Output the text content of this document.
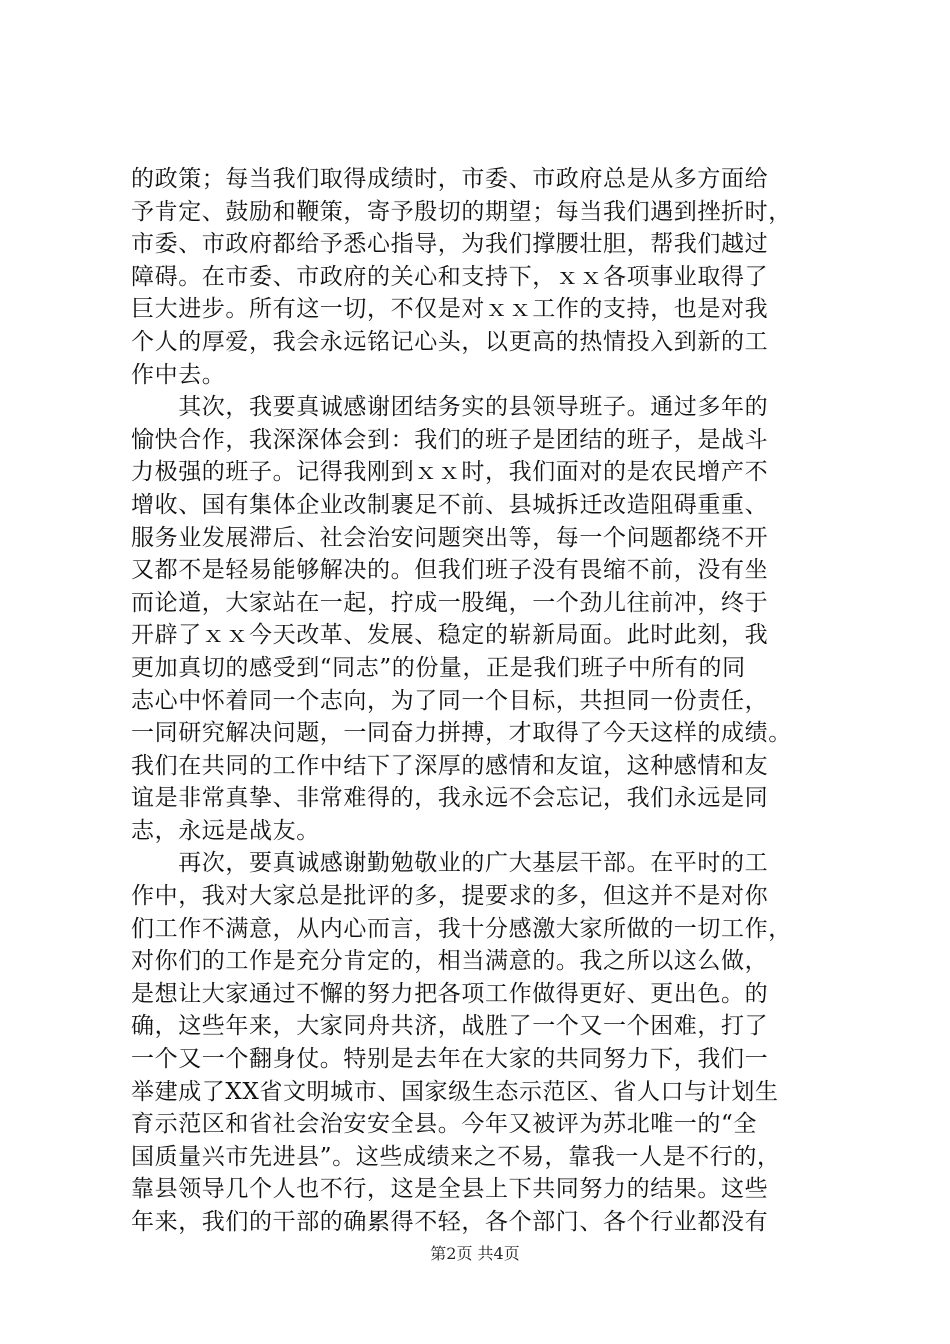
的政策；每当我们取得成绩时，市委、市政府总是从多方面给
予肯定、鼓励和鞭策，寄予殷切的期望；每当我们遇到挫折时，
市委、市政府都给予悉心指导，为我们撑腰壮胆，帮我们越过
障碍。在市委、市政府的关心和支持下，ｘｘ各项事业取得了
巨大进步。所有这一切，不仅是对ｘｘ工作的支持，也是对我
个人的厚爱，我会永远铭记心头，以更高的热情投入到新的工
作中去。
　　其次，我要真诚感谢团结务实的县领导班子。通过多年的
愉快合作，我深深体会到：我们的班子是团结的班子，是战斗
力极强的班子。记得我刚到ｘｘ时，我们面对的是农民增产不
增收、国有集体企业改制裹足不前、县城拆迁改造阻碍重重、
服务业发展滞后、社会治安问题突出等，每一个问题都绕不开
又都不是轻易能够解决的。但我们班子没有畏缩不前，没有坐
而论道，大家站在一起，拧成一股绳，一个劲儿往前冲，终于
开辟了ｘｘ今天改革、发展、稳定的崭新局面。此时此刻，我
更加真切的感受到“同志”的份量，正是我们班子中所有的同
志心中怀着同一个志向，为了同一个目标，共担同一份责任，
一同研究解决问题，一同奋力拼搏，才取得了今天这样的成绩。
我们在共同的工作中结下了深厚的感情和友谊，这种感情和友
谊是非常真挚、非常难得的，我永远不会忘记，我们永远是同
志，永远是战友。
　　再次，要真诚感谢勤勉敬业的广大基层干部。在平时的工
作中，我对大家总是批评的多，提要求的多，但这并不是对你
们工作不满意，从内心而言，我十分感激大家所做的一切工作，
对你们的工作是充分肯定的，相当满意的。我之所以这么做，
是想让大家通过不懈的努力把各项工作做得更好、更出色。的
确，这些年来，大家同舟共济，战胜了一个又一个困难，打了
一个又一个翻身仗。特别是去年在大家的共同努力下，我们一
举建成了XX省文明城市、国家级生态示范区、省人口与计划生
育示范区和省社会治安安全县。今年又被评为苏北唯一的“全
国质量兴市先进县”。这些成绩来之不易，靠我一人是不行的，
靠县领导几个人也不行，这是全县上下共同努力的结果。这些
年来，我们的干部的确累得不轻，各个部门、各个行业都没有
第2页 共4页
